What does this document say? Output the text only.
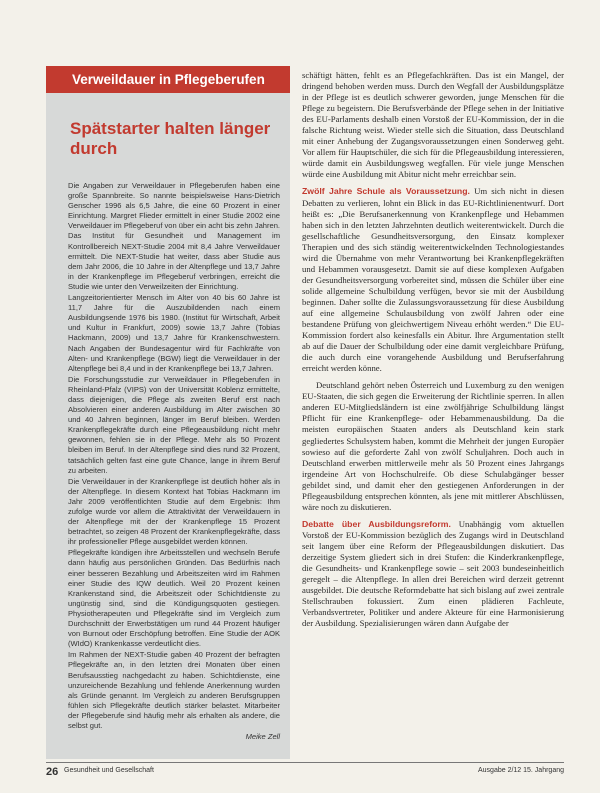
Verweildauer in Pflegeberufen
Spätstarter halten länger durch

Die Angaben zur Verweildauer in Pflegeberufen haben eine große Spannbreite. So nannte beispielsweise Hans-Dietrich Genscher 1996 als 6,5 Jahre, die eine 60 Prozent in einer Einrichtung. Margret Flieder ermittelt in einer Studie 2002 eine Verweildauer im Pflegeberuf von über ein acht bis zehn Jahren. Das Institut für Gesundheit und Management im Kontrollbereich NEXT-Studie 2004 mit 8,4 Jahre Verweildauer ermittelt. Die NEXT-Studie hat weiter, dass aber Studie aus dem Jahr 2006, die 10 Jahre in der Altenpflege und 13,7 Jahre in der Krankenpflege im Pflegeberuf verbringen, erreicht die Studie wie unter den Verweilzeiten der Einrichtung.

Langzeitorientierter Mensch im Alter von 40 bis 60 Jahre ist 11,7 Jahre für die Auszubildenden nach einem Ausbildungsende 1976 bis 1980. (Institut für Wirtschaft, Arbeit und Kultur in Frankfurt, 2009) sowie 13,7 Jahre (Tobias Hackmann, 2009) und 13,7 Jahre für Krankenschwestern. Nach Angaben der Bundesagentur wird für Fachkräfte von Alten- und Krankenpflege (BGW) liegt die Verweildauer in der Altenpflege bei 8,4 und in der Krankenpflege bei 13,7 Jahren.

Die Forschungsstudie zur Verweildauer in Pflegeberufen in Rheinland-Pfalz (VIPS) von der Universität Koblenz ermittelte, dass diejenigen, die Pflege als zweiten Beruf erst nach Absolvieren einer anderen Ausbildung im Alter zwischen 30 und 40 Jahren beginnen, länger im Beruf bleiben. Werden Krankenpflegekräfte durch eine Pflegeausbildung nicht mehr gewonnen, fehlen sie in der Pflege. Mehr als 50 Prozent bleiben im Beruf. In der Altenpflege sind dies rund 32 Prozent, tatsächlich gelten fast eine gute Chance, lange in ihrem Beruf zu arbeiten.

Die Verweildauer in der Krankenpflege ist deutlich höher als in der Altenpflege. In diesem Kontext hat Tobias Hackmann im Jahr 2009 veröffentlichten Studie auf dem Ergebnis: Ihm zufolge wurde vor allem die Attraktivität der Verweildauern in der Altenpflege mit der der Krankenpflege 15 Prozent betrachtet, so zeigen 48 Prozent der Krankenpflegekräfte, dass ihr professioneller Pflege ausgebildet werden können.

Pflegekräfte kündigen ihre Arbeitsstellen und wechseln Berufe dann häufig aus persönlichen Gründen. Das Bedürfnis nach einer besseren Bezahlung und Arbeitszeiten wird im Rahmen einer Studie des IQW deutlich. Weil 20 Prozent keinen Krankenstand sind, die Arbeitszeit oder Schichtdienste zu ungünstig sind, sind die Kündigungsquoten gestiegen. Physiotherapeuten und Pflegekräfte sind im Vergleich zum Durchschnitt der Erwerbstätigen um rund 44 Prozent häufiger von Burnout oder Erschöpfung betroffen. Eine Studie der AOK (WIdO) Krankenkasse verdeutlicht dies.

Im Rahmen der NEXT-Studie gaben 40 Prozent der befragten Pflegekräfte an, in den letzten drei Monaten über einen Berufsausstieg nachgedacht zu haben. Schichtdienste, eine unzureichende Bezahlung und fehlende Anerkennung wurden als Gründe genannt. Im Vergleich zu anderen Berufsgruppen fühlen sich Pflegekräfte deutlich stärker belastet. Mitarbeiter der Pflegeberufe sind häufig mehr als erhalten als andere, die selbst gut.

Meike Zell

schäftigt hätten, fehlt es an Pflegefachkräften. Das ist ein Mangel, der dringend behoben werden muss. Durch den Wegfall der Ausbildungsplätze in der Pflege ist es deutlich schwerer geworden, junge Menschen für die Pflege zu begeistern. Die Berufsverbände der Pflege sehen in der Initiative des EU-Parlaments deshalb einen Vorstoß der EU-Kommission, der in die falsche Richtung weist. Wieder stelle sich die Situation, dass Deutschland mit einer Anhebung der Zugangsvoraussetzungen einen Sonderweg geht. Vor allem für Hauptschüler, die sich für die Pflegeausbildung interessieren, würde damit ein Ausbildungsweg wegfallen. Für viele junge Menschen würde eine Ausbildung mit Abitur nicht mehr erreichbar sein.

Zwölf Jahre Schule als Voraussetzung. Um sich nicht in diesen Debatten zu verlieren, lohnt ein Blick in das EU-Richtlinienentwurf. Dort heißt es: „Die Berufsanerkennung von Krankenpflege und Hebammen haben sich in den letzten Jahrzehnten deutlich weiterentwickelt. Durch die gesellschaftliche Gesundheitsversorgung, den Einsatz komplexer Therapien und des sich ständig weiterentwickelnden Technologiestandes wird die Übernahme von mehr Verantwortung bei Krankenpflegekräften und Hebammen vorausgesetzt. Damit sie auf diese komplexen Aufgaben der Gesundheitsversorgung vorbereitet sind, müssen die Schüler über eine solide allgemeine Schulbildung verfügen, bevor sie mit der Ausbildung beginnen. Daher sollte die Zulassungsvoraussetzung für diese Ausbildung auf eine allgemeine Schulausbildung von zwölf Jahren oder eine bestandene Prüfung von gleichwertigem Niveau erhöht werden.“ Die EU-Kommission fordert also keinesfalls ein Abitur. Ihre Argumentation stellt ab auf die Dauer der Schulbildung oder eine damit vergleichbare Prüfung, die auch durch eine vorangehende Ausbildung und Berufserfahrung erreicht werden könne.

Deutschland gehört neben Österreich und Luxemburg zu den wenigen EU-Staaten, die sich gegen die Erweiterung der Richtlinie sperren. In allen anderen EU-Mitgliedsländern ist eine zwölfjährige Schulbildung längst Pflicht für eine Krankenpflege- oder Hebammenausbildung. Da die meisten europäischen Staaten anders als Deutschland kein stark gegliedertes Schulsystem haben, kommt die Mehrheit der jungen Europäer sowieso auf die geforderte Zahl von zwölf Schuljahren. Doch auch in Deutschland erwerben mittlerweile mehr als 50 Prozent eines Jahrgangs irgendeine Art von Hochschulreife. Ob diese Schulabgänger besser gebildet sind, und damit eher den gestiegenen Anforderungen in der Pflegeausbildung entsprechen könnten, als jene mit mittlerer Abschlüssen, wäre noch zu diskutieren.

Debatte über Ausbildungsreform. Unabhängig vom aktuellen Vorstoß der EU-Kommission bezüglich des Zugangs wird in Deutschland seit langem über eine Reform der Pflegeausbildungen diskutiert. Das derzeitige System gliedert sich in drei Stufen: die Kinderkrankenpflege, die Gesundheits- und Krankenpflege sowie – seit 2003 bundeseinheitlich geregelt – die Altenpflege. In allen drei Bereichen wird derzeit getrennt ausgebildet. Die deutsche Reformdebatte hat sich bislang auf zwei zentrale Stellschrauben fokussiert. Zum einen plädieren Fachleute, Verbandsvertreter, Politiker und andere Akteure für eine Harmonisierung der Ausbildung. Spezialisierungen wären dann Aufgabe der

26 Gesundheit und Gesellschaft	Ausgabe 2/12 15. Jahrgang
